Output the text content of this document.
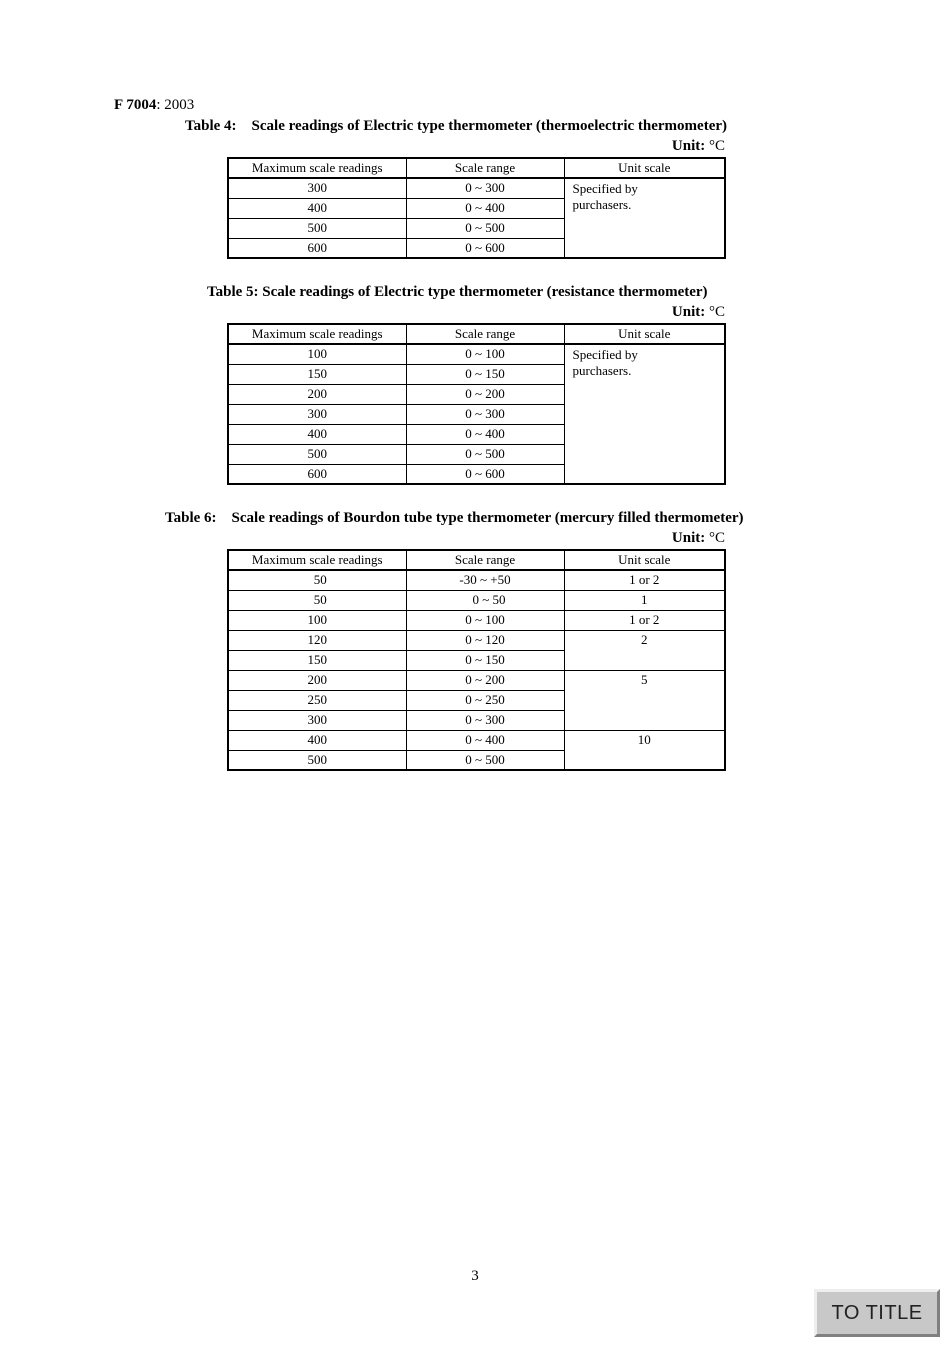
F 7004: 2003
Table 4:    Scale readings of Electric type thermometer (thermoelectric thermometer)
Unit: °C
Maximum scale readings	Scale range	Unit scale
300	0 ~ 300	Specified by
purchasers.
400	0 ~ 400	
500	0 ~ 500	
600	0 ~ 600	
Table 5: Scale readings of Electric type thermometer (resistance thermometer)
Unit: °C
Maximum scale readings	Scale range	Unit scale
100	0 ~ 100	Specified by
purchasers.
150	0 ~ 150	
200	0 ~ 200	
300	0 ~ 300	
400	0 ~ 400	
500	0 ~ 500	
600	0 ~ 600	
Table 6:    Scale readings of Bourdon tube type thermometer (mercury filled thermometer)
Unit: °C
Maximum scale readings	Scale range	Unit scale
50	-30 ~ +50	1 or 2
50	0 ~ 50	1
100	0 ~ 100	1 or 2
120	0 ~ 120	2
150	0 ~ 150	
200	0 ~ 200	5
250	0 ~ 250	
300	0 ~ 300	
400	0 ~ 400	10
500	0 ~ 500	
3
TO TITLE
